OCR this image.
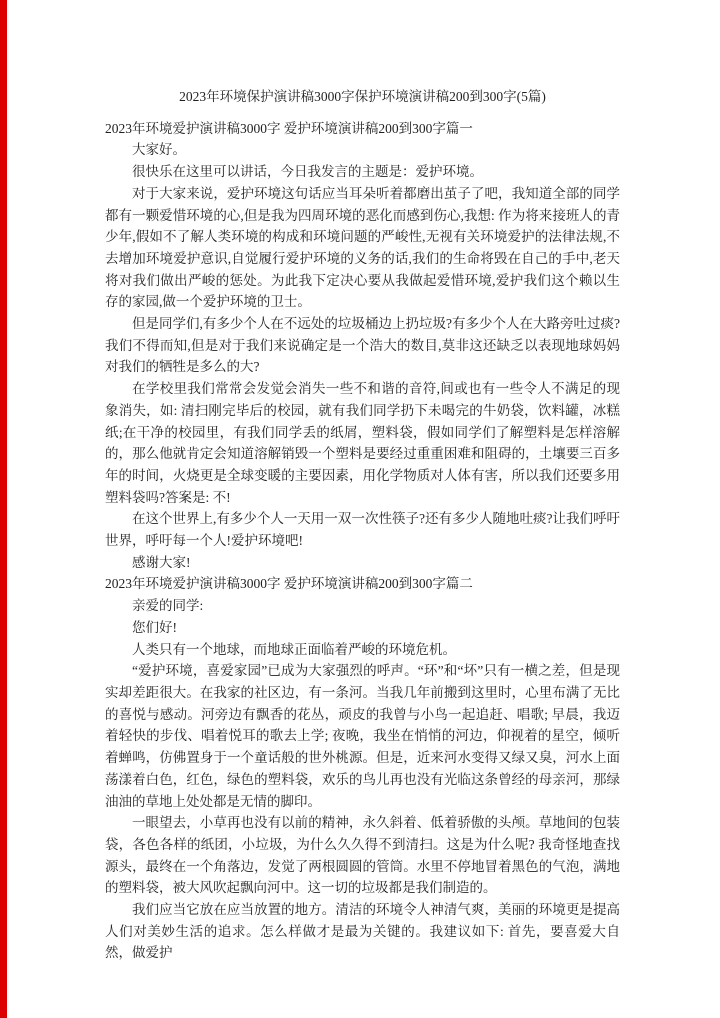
2023年环境保护演讲稿3000字保护环境演讲稿200到300字(5篇)

2023年环境爱护演讲稿3000字 爱护环境演讲稿200到300字篇一

大家好。

很快乐在这里可以讲话，今日我发言的主题是：爱护环境。

对于大家来说，爱护环境这句话应当耳朵听着都磨出茧子了吧，我知道全部的同学都有一颗爱惜环境的心,但是我为四周环境的恶化而感到伤心,我想: 作为将来接班人的青少年,假如不了解人类环境的构成和环境问题的严峻性,无视有关环境爱护的法律法规,不去增加环境爱护意识,自觉履行爱护环境的义务的话,我们的生命将毁在自己的手中,老天将对我们做出严峻的惩处。为此我下定决心要从我做起爱惜环境,爱护我们这个赖以生存的家园,做一个爱护环境的卫士。

但是同学们,有多少个人在不远处的垃圾桶边上扔垃圾?有多少个人在大路旁吐过痰?我们不得而知,但是对于我们来说确定是一个浩大的数目,莫非这还缺乏以表现地球妈妈对我们的牺牲是多么的大?

在学校里我们常常会发觉会消失一些不和谐的音符,间或也有一些令人不满足的现象消失，如: 清扫刚完毕后的校园，就有我们同学扔下未喝完的牛奶袋，饮料罐，冰糕纸;在干净的校园里，有我们同学丢的纸屑，塑料袋，假如同学们了解塑料是怎样溶解的，那么他就肯定会知道溶解销毁一个塑料是要经过重重困难和阻碍的，土壤要三百多年的时间，火烧更是全球变暖的主要因素，用化学物质对人体有害，所以我们还要多用塑料袋吗?答案是: 不!

在这个世界上,有多少个人一天用一双一次性筷子?还有多少人随地吐痰?让我们呼吁世界，呼吁每一个人!爱护环境吧!

感谢大家!

2023年环境爱护演讲稿3000字 爱护环境演讲稿200到300字篇二

亲爱的同学:

您们好!

人类只有一个地球，而地球正面临着严峻的环境危机。

“爱护环境，喜爱家园”已成为大家强烈的呼声。“环”和“坏”只有一横之差，但是现实却差距很大。在我家的社区边，有一条河。当我几年前搬到这里时，心里布满了无比的喜悦与感动。河旁边有飘香的花丛，顽皮的我曾与小鸟一起追赶、唱歌; 早晨，我迈着轻快的步伐、唱着悦耳的歌去上学; 夜晚，我坐在悄悄的河边，仰视着的星空，倾听着蝉鸣，仿佛置身于一个童话般的世外桃源。但是，近来河水变得又绿又臭，河水上面荡漾着白色，红色，绿色的塑料袋，欢乐的鸟儿再也没有光临这条曾经的母亲河，那绿油油的草地上处处都是无情的脚印。

一眼望去，小草再也没有以前的精神，永久斜着、低着骄傲的头颅。草地间的包装袋，各色各样的纸团，小垃圾，为什么久久得不到清扫。这是为什么呢? 我奇怪地查找源头，最终在一个角落边，发觉了两根圆圆的管筒。水里不停地冒着黑色的气泡，满地的塑料袋，被大风吹起飘向河中。这一切的垃圾都是我们制造的。

我们应当它放在应当放置的地方。清洁的环境令人神清气爽，美丽的环境更是提高人们对美妙生活的追求。怎么样做才是最为关键的。我建议如下: 首先，要喜爱大自然，做爱护
